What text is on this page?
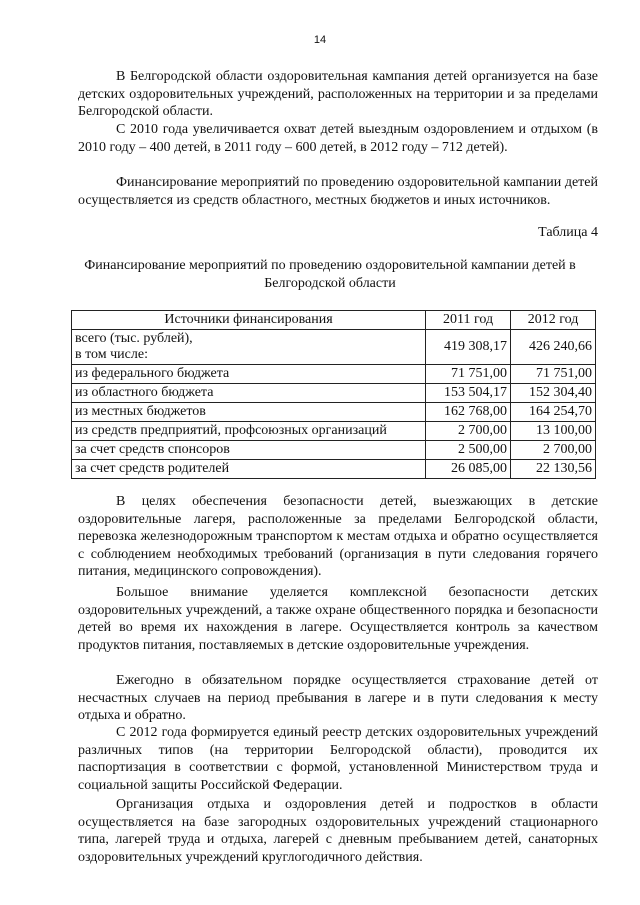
14

В Белгородской области оздоровительная кампания детей организуется на базе детских оздоровительных учреждений, расположенных на территории и за пределами Белгородской области.

С 2010 года увеличивается охват детей выездным оздоровлением и отдыхом (в 2010 году – 400 детей, в 2011 году – 600 детей, в 2012 году – 712 детей).

Финансирование мероприятий по проведению оздоровительной кампании детей осуществляется из средств областного, местных бюджетов и иных источников.

Таблица 4

Финансирование мероприятий по проведению оздоровительной кампании детей в Белгородской области

Источники финансирования	2011 год	2012 год
всего (тыс. рублей),
в том числе:	419 308,17	426 240,66
из федерального бюджета	71 751,00	71 751,00
из областного бюджета	153 504,17	152 304,40
из местных бюджетов	162 768,00	164 254,70
из средств предприятий, профсоюзных организаций	2 700,00	13 100,00
за счет средств спонсоров	2 500,00	2 700,00
за счет средств родителей	26 085,00	22 130,56

В целях обеспечения безопасности детей, выезжающих в детские оздоровительные лагеря, расположенные за пределами Белгородской области, перевозка железнодорожным транспортом к местам отдыха и обратно осуществляется с соблюдением необходимых требований (организация в пути следования горячего питания, медицинского сопровождения).

Большое внимание уделяется комплексной безопасности детских оздоровительных учреждений, а также охране общественного порядка и безопасности детей во время их нахождения в лагере. Осуществляется контроль за качеством продуктов питания, поставляемых в детские оздоровительные учреждения.

Ежегодно в обязательном порядке осуществляется страхование детей от несчастных случаев на период пребывания в лагере и в пути следования к месту отдыха и обратно.

С 2012 года формируется единый реестр детских оздоровительных учреждений различных типов (на территории Белгородской области), проводится их паспортизация в соответствии с формой, установленной Министерством труда и социальной защиты Российской Федерации.

Организация отдыха и оздоровления детей и подростков в области осуществляется на базе загородных оздоровительных учреждений стационарного типа, лагерей труда и отдыха, лагерей с дневным пребыванием детей, санаторных оздоровительных учреждений круглогодичного действия.
